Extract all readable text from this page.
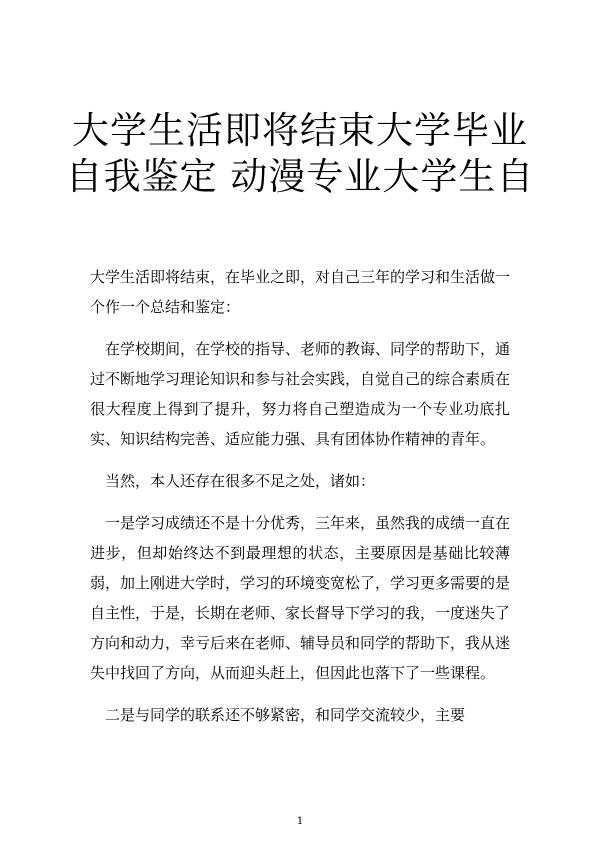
大学生活即将结束大学毕业自我鉴定 动漫专业大学生自

大学生活即将结束，在毕业之即，对自己三年的学习和生活做一个作一个总结和鉴定：

在学校期间，在学校的指导、老师的教诲、同学的帮助下，通过不断地学习理论知识和参与社会实践，自觉自己的综合素质在很大程度上得到了提升，努力将自己塑造成为一个专业功底扎实、知识结构完善、适应能力强、具有团体协作精神的青年。

当然，本人还存在很多不足之处，诸如：

一是学习成绩还不是十分优秀，三年来，虽然我的成绩一直在进步，但却始终达不到最理想的状态，主要原因是基础比较薄弱，加上刚进大学时，学习的环境变宽松了，学习更多需要的是自主性，于是，长期在老师、家长督导下学习的我，一度迷失了方向和动力，幸亏后来在老师、辅导员和同学的帮助下，我从迷失中找回了方向，从而迎头赶上，但因此也落下了一些课程。

二是与同学的联系还不够紧密，和同学交流较少，主要

1
